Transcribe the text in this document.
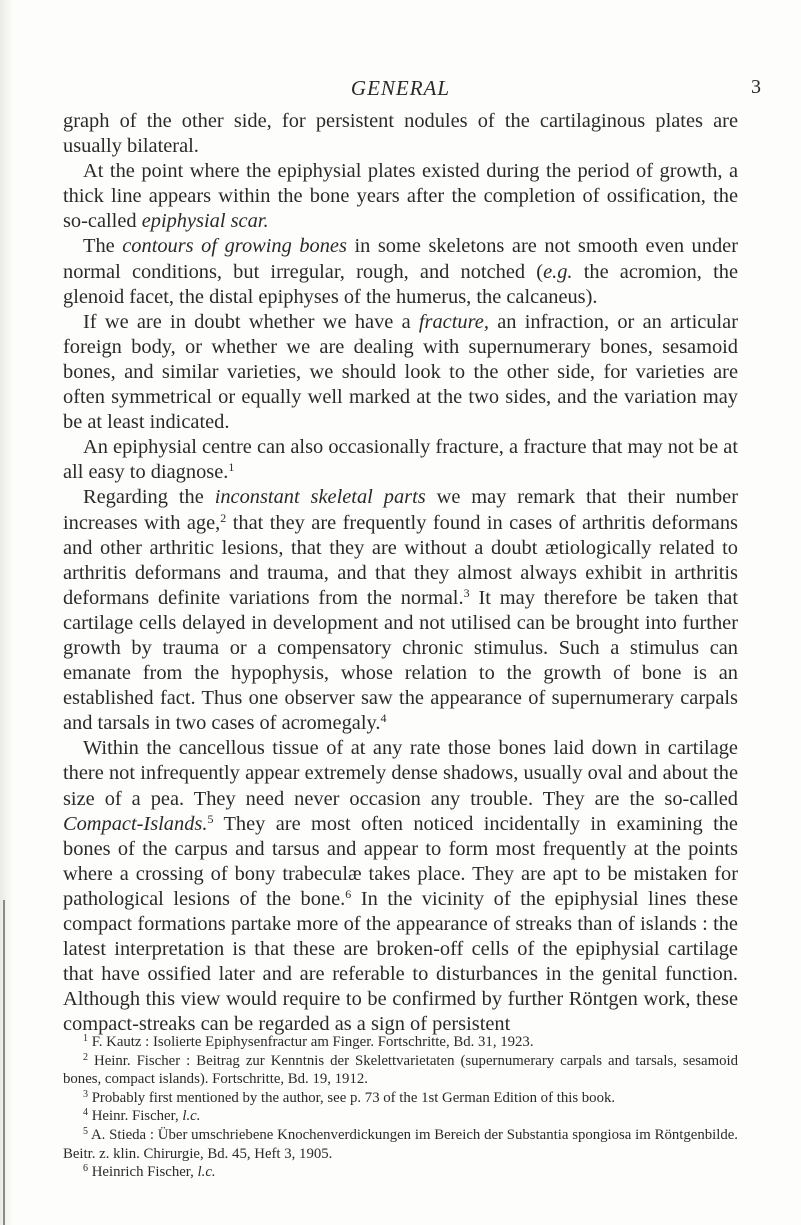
GENERAL	3

graph of the other side, for persistent nodules of the cartilaginous plates are usually bilateral.

At the point where the epiphysial plates existed during the period of growth, a thick line appears within the bone years after the completion of ossification, the so-called epiphysial scar.

The contours of growing bones in some skeletons are not smooth even under normal conditions, but irregular, rough, and notched (e.g. the acromion, the glenoid facet, the distal epiphyses of the humerus, the calcaneus).

If we are in doubt whether we have a fracture, an infraction, or an articular foreign body, or whether we are dealing with supernumerary bones, sesamoid bones, and similar varieties, we should look to the other side, for varieties are often symmetrical or equally well marked at the two sides, and the variation may be at least indicated.

An epiphysial centre can also occasionally fracture, a fracture that may not be at all easy to diagnose.$^1$

Regarding the inconstant skeletal parts we may remark that their number increases with age,$^2$ that they are frequently found in cases of arthritis deformans and other arthritic lesions, that they are without a doubt ætiologically related to arthritis deformans and trauma, and that they almost always exhibit in arthritis deformans definite variations from the normal.$^3$ It may therefore be taken that cartilage cells delayed in development and not utilised can be brought into further growth by trauma or a compensatory chronic stimulus. Such a stimulus can emanate from the hypophysis, whose relation to the growth of bone is an established fact. Thus one observer saw the appearance of supernumerary carpals and tarsals in two cases of acromegaly.$^4$

Within the cancellous tissue of at any rate those bones laid down in cartilage there not infrequently appear extremely dense shadows, usually oval and about the size of a pea. They need never occasion any trouble. They are the so-called Compact-Islands.$^5$ They are most often noticed incidentally in examining the bones of the carpus and tarsus and appear to form most frequently at the points where a crossing of bony trabeculæ takes place. They are apt to be mistaken for pathological lesions of the bone.$^6$ In the vicinity of the epiphysial lines these compact formations partake more of the appearance of streaks than of islands : the latest interpretation is that these are broken-off cells of the epiphysial cartilage that have ossified later and are referable to disturbances in the genital function. Although this view would require to be confirmed by further Röntgen work, these compact-streaks can be regarded as a sign of persistent

$^1$ F. Kautz : Isolierte Epiphysenfractur am Finger. Fortschritte, Bd. 31, 1923.

$^2$ Heinr. Fischer : Beitrag zur Kenntnis der Skelettvarietaten (supernumerary carpals and tarsals, sesamoid bones, compact islands). Fortschritte, Bd. 19, 1912.

$^3$ Probably first mentioned by the author, see p. 73 of the 1st German Edition of this book.

$^4$ Heinr. Fischer, l.c.

$^5$ A. Stieda : Über umschriebene Knochenverdickungen im Bereich der Substantia spongiosa im Röntgenbilde. Beitr. z. klin. Chirurgie, Bd. 45, Heft 3, 1905.

$^6$ Heinrich Fischer, l.c.
